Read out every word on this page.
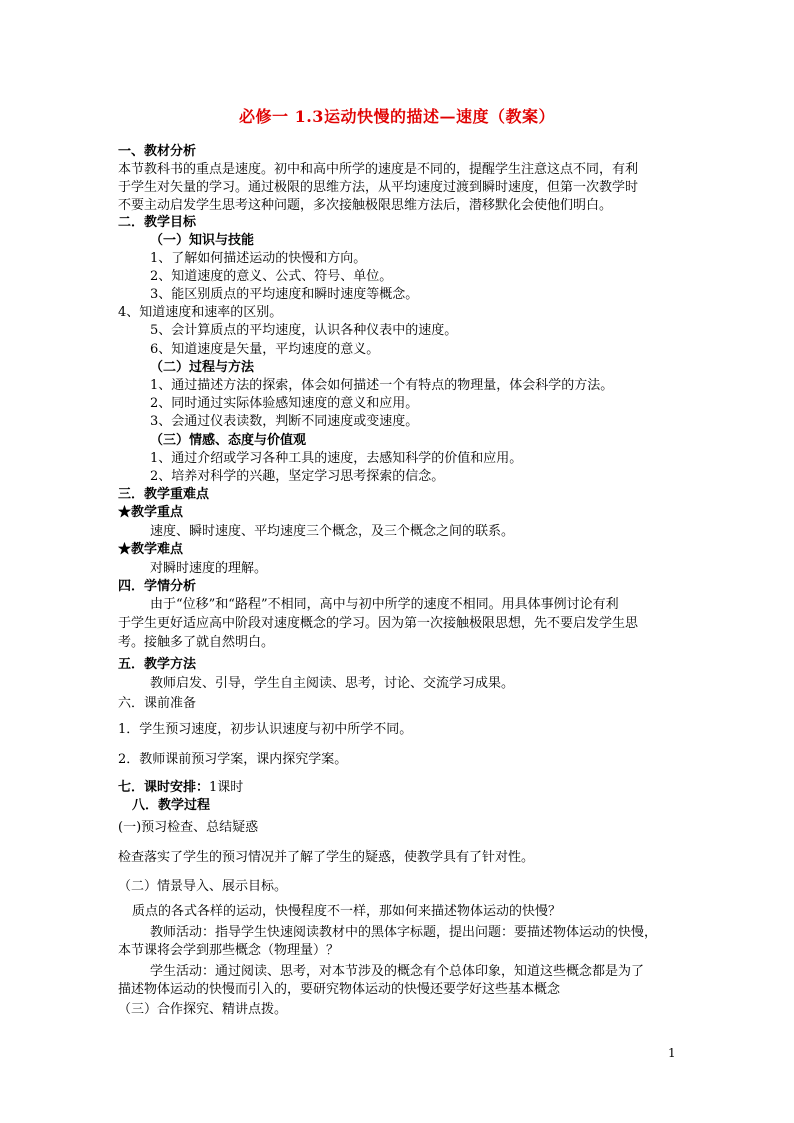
必修一 1.3运动快慢的描述—速度（教案）
一、教材分析
本节教科书的重点是速度。初中和高中所学的速度是不同的，提醒学生注意这点不同，有利
于学生对矢量的学习。通过极限的思维方法，从平均速度过渡到瞬时速度，但第一次教学时
不要主动启发学生思考这种问题，多次接触极限思维方法后，潜移默化会使他们明白。
二．教学目标
（一）知识与技能
1、了解如何描述运动的快慢和方向。
2、知道速度的意义、公式、符号、单位。
3、能区别质点的平均速度和瞬时速度等概念。
4、知道速度和速率的区别。
5、会计算质点的平均速度，认识各种仪表中的速度。
6、知道速度是矢量，平均速度的意义。
（二）过程与方法
1、通过描述方法的探索，体会如何描述一个有特点的物理量，体会科学的方法。
2、同时通过实际体验感知速度的意义和应用。
3、会通过仪表读数，判断不同速度或变速度。
（三）情感、态度与价值观
1、通过介绍或学习各种工具的速度，去感知科学的价值和应用。
2、培养对科学的兴趣，坚定学习思考探索的信念。
三．教学重难点
★教学重点
速度、瞬时速度、平均速度三个概念，及三个概念之间的联系。
★教学难点
对瞬时速度的理解。
四．学情分析
由于“位移”和“路程”不相同，高中与初中所学的速度不相同。用具体事例讨论有利
于学生更好适应高中阶段对速度概念的学习。因为第一次接触极限思想，先不要启发学生思
考。接触多了就自然明白。
五．教学方法
教师启发、引导，学生自主阅读、思考，讨论、交流学习成果。
六．课前准备
1．学生预习速度，初步认识速度与初中所学不同。
2．教师课前预习学案，课内探究学案。
七．课时安排：1课时
八．教学过程
(一)预习检查、总结疑惑
检查落实了学生的预习情况并了解了学生的疑惑，使教学具有了针对性。
（二）情景导入、展示目标。
质点的各式各样的运动，快慢程度不一样，那如何来描述物体运动的快慢？
教师活动：指导学生快速阅读教材中的黑体字标题，提出问题：要描述物体运动的快慢，
本节课将会学到那些概念（物理量）？
学生活动：通过阅读、思考，对本节涉及的概念有个总体印象，知道这些概念都是为了
描述物体运动的快慢而引入的，要研究物体运动的快慢还要学好这些基本概念
（三）合作探究、精讲点拨。
1
